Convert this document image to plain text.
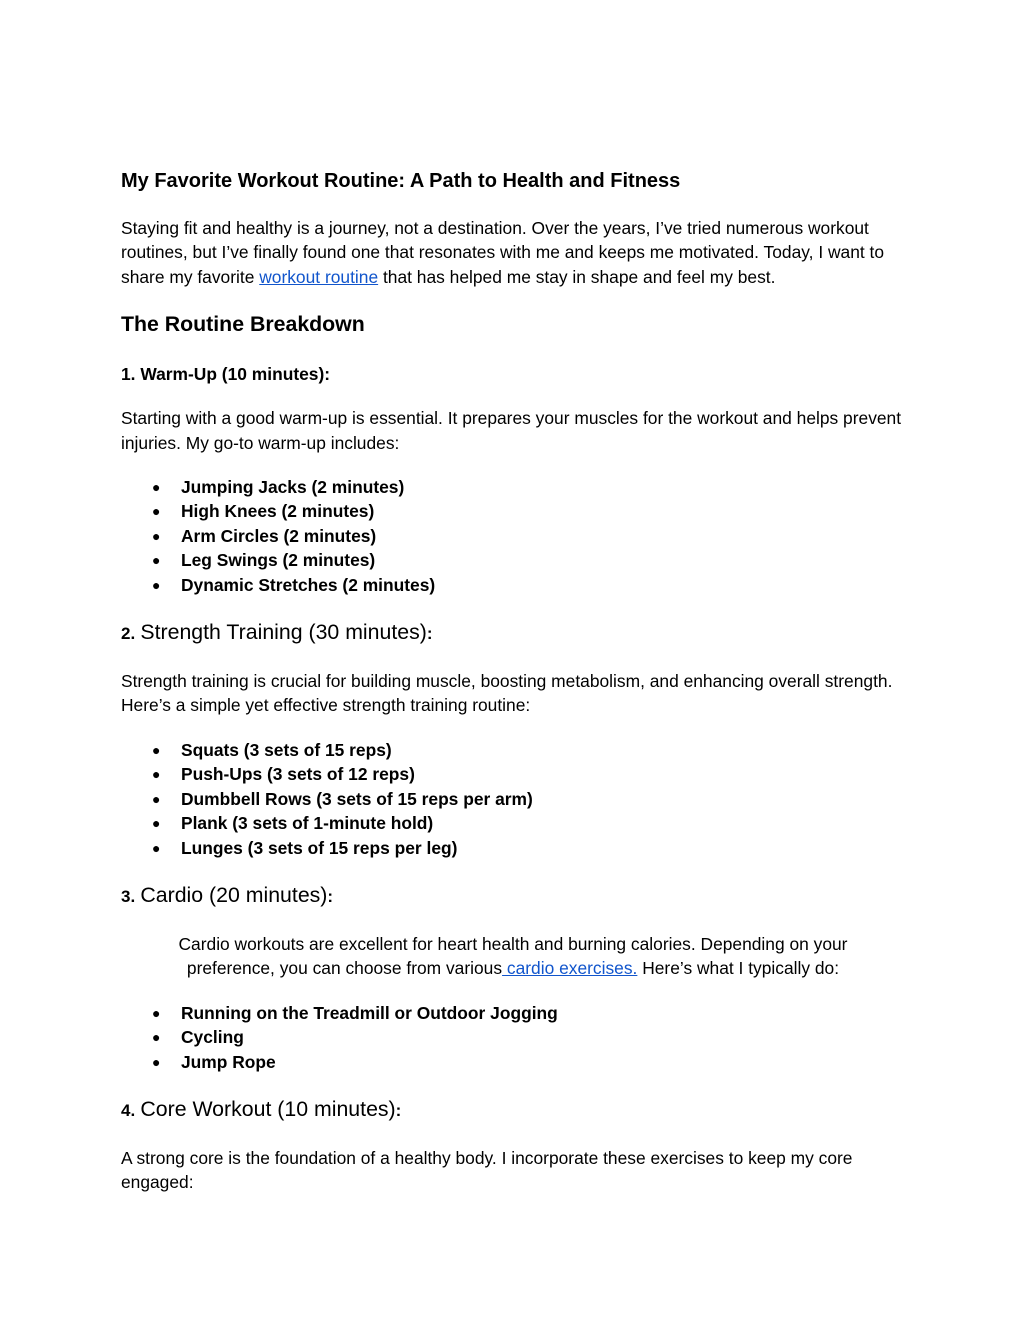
My Favorite Workout Routine: A Path to Health and Fitness

Staying fit and healthy is a journey, not a destination. Over the years, I’ve tried numerous workout routines, but I’ve finally found one that resonates with me and keeps me motivated. Today, I want to share my favorite workout routine that has helped me stay in shape and feel my best.

The Routine Breakdown
1. Warm-Up (10 minutes):

Starting with a good warm-up is essential. It prepares your muscles for the workout and helps prevent injuries. My go-to warm-up includes:

● Jumping Jacks (2 minutes)
● High Knees (2 minutes)
● Arm Circles (2 minutes)
● Leg Swings (2 minutes)
● Dynamic Stretches (2 minutes)
2. Strength Training (30 minutes):

Strength training is crucial for building muscle, boosting metabolism, and enhancing overall strength. Here’s a simple yet effective strength training routine:

● Squats (3 sets of 15 reps)
● Push-Ups (3 sets of 12 reps)
● Dumbbell Rows (3 sets of 15 reps per arm)
● Plank (3 sets of 1-minute hold)
● Lunges (3 sets of 15 reps per leg)
3. Cardio (20 minutes):

Cardio workouts are excellent for heart health and burning calories. Depending on your
preference, you can choose from various cardio exercises. Here’s what I typically do:

● Running on the Treadmill or Outdoor Jogging
● Cycling
● Jump Rope
4. Core Workout (10 minutes):

A strong core is the foundation of a healthy body. I incorporate these exercises to keep my core engaged:
